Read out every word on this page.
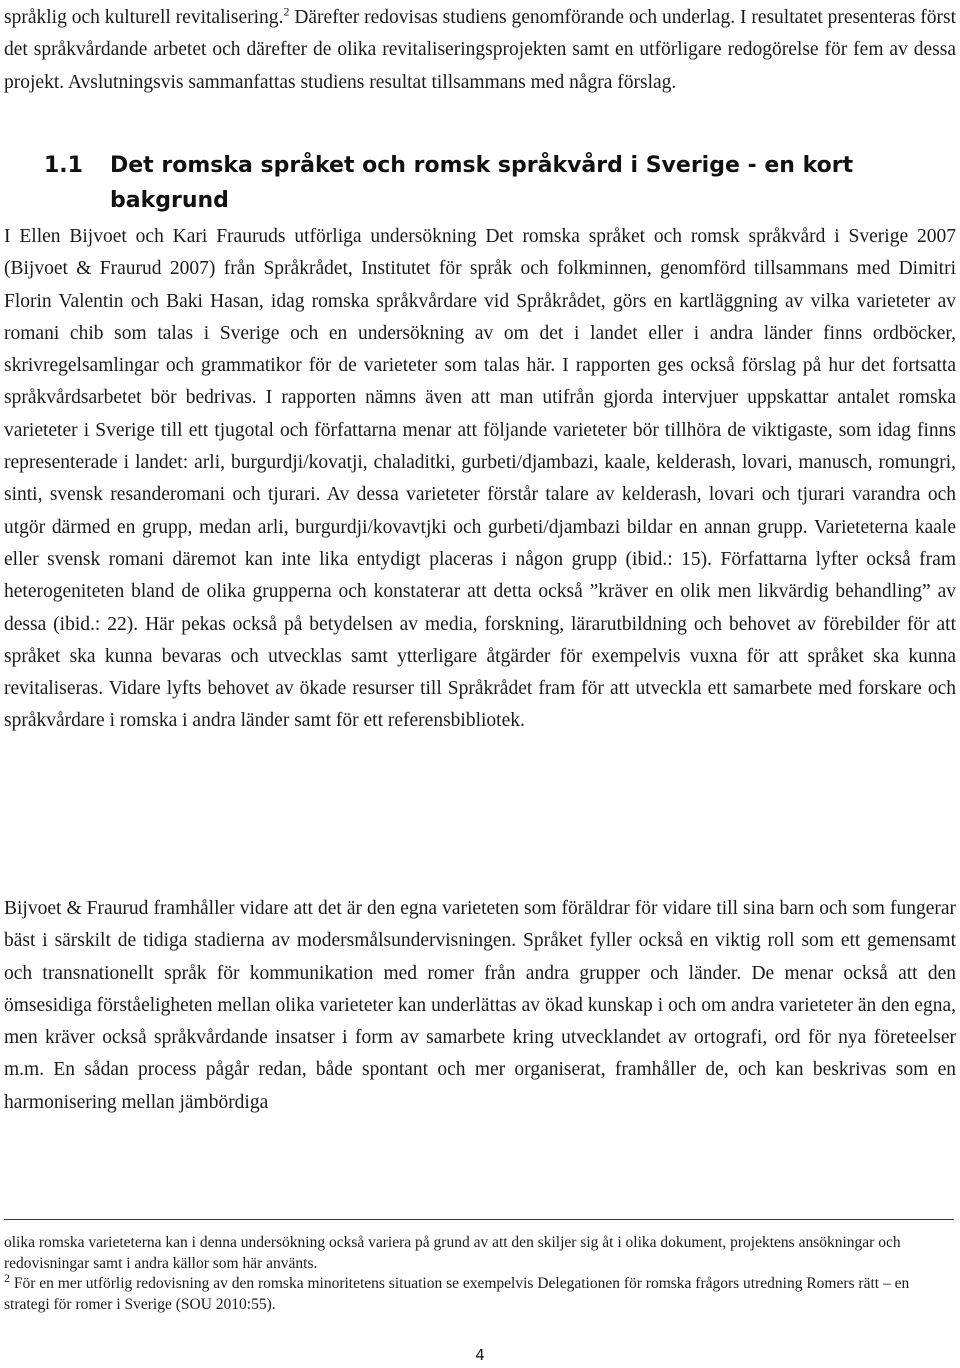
språklig och kulturell revitalisering.$^2$ Därefter redovisas studiens genomförande och underlag. I resultatet presenteras först det språkvårdande arbetet och därefter de olika revitaliseringsprojekten samt en utförligare redogörelse för fem av dessa projekt. Avslutningsvis sammanfattas studiens resultat tillsammans med några förslag.

1.1	Det romska språket och romsk språkvård i Sverige - en kort bakgrund

I Ellen Bijvoet och Kari Frauruds utförliga undersökning Det romska språket och romsk språkvård i Sverige 2007 (Bijvoet & Fraurud 2007) från Språkrådet, Institutet för språk och folkminnen, genomförd tillsammans med Dimitri Florin Valentin och Baki Hasan, idag romska språkvårdare vid Språkrådet, görs en kartläggning av vilka varieteter av romani chib som talas i Sverige och en undersökning av om det i landet eller i andra länder finns ordböcker, skrivregelsamlingar och grammatikor för de varieteter som talas här. I rapporten ges också förslag på hur det fortsatta språkvårdsarbetet bör bedrivas. I rapporten nämns även att man utifrån gjorda intervjuer uppskattar antalet romska varieteter i Sverige till ett tjugotal och författarna menar att följande varieteter bör tillhöra de viktigaste, som idag finns representerade i landet: arli, burgurdji/kovatji, chaladitki, gurbeti/djambazi, kaale, kelderash, lovari, manusch, romungri, sinti, svensk resanderomani och tjurari. Av dessa varieteter förstår talare av kelderash, lovari och tjurari varandra och utgör därmed en grupp, medan arli, burgurdji/kovavtjki och gurbeti/djambazi bildar en annan grupp. Varieteterna kaale eller svensk romani däremot kan inte lika entydigt placeras i någon grupp (ibid.: 15). Författarna lyfter också fram heterogeniteten bland de olika grupperna och konstaterar att detta också ”kräver en olik men likvärdig behandling” av dessa (ibid.: 22). Här pekas också på betydelsen av media, forskning, lärarutbildning och behovet av förebilder för att språket ska kunna bevaras och utvecklas samt ytterligare åtgärder för exempelvis vuxna för att språket ska kunna revitaliseras. Vidare lyfts behovet av ökade resurser till Språkrådet fram för att utveckla ett samarbete med forskare och språkvårdare i romska i andra länder samt för ett referensbibliotek.

Bijvoet & Fraurud framhåller vidare att det är den egna varieteten som föräldrar för vidare till sina barn och som fungerar bäst i särskilt de tidiga stadierna av modersmålsundervisningen. Språket fyller också en viktig roll som ett gemensamt och transnationellt språk för kommunikation med romer från andra grupper och länder. De menar också att den ömsesidiga förståeligheten mellan olika varieteter kan underlättas av ökad kunskap i och om andra varieteter än den egna, men kräver också språkvårdande insatser i form av samarbete kring utvecklandet av ortografi, ord för nya företeelser m.m. En sådan process pågår redan, både spontant och mer organiserat, framhåller de, och kan beskrivas som en harmonisering mellan jämbördiga

olika romska varieteterna kan i denna undersökning också variera på grund av att den skiljer sig åt i olika dokument, projektens ansökningar och redovisningar samt i andra källor som här använts.

$^2$ För en mer utförlig redovisning av den romska minoritetens situation se exempelvis Delegationen för romska frågors utredning Romers rätt – en strategi för romer i Sverige (SOU 2010:55).

4
